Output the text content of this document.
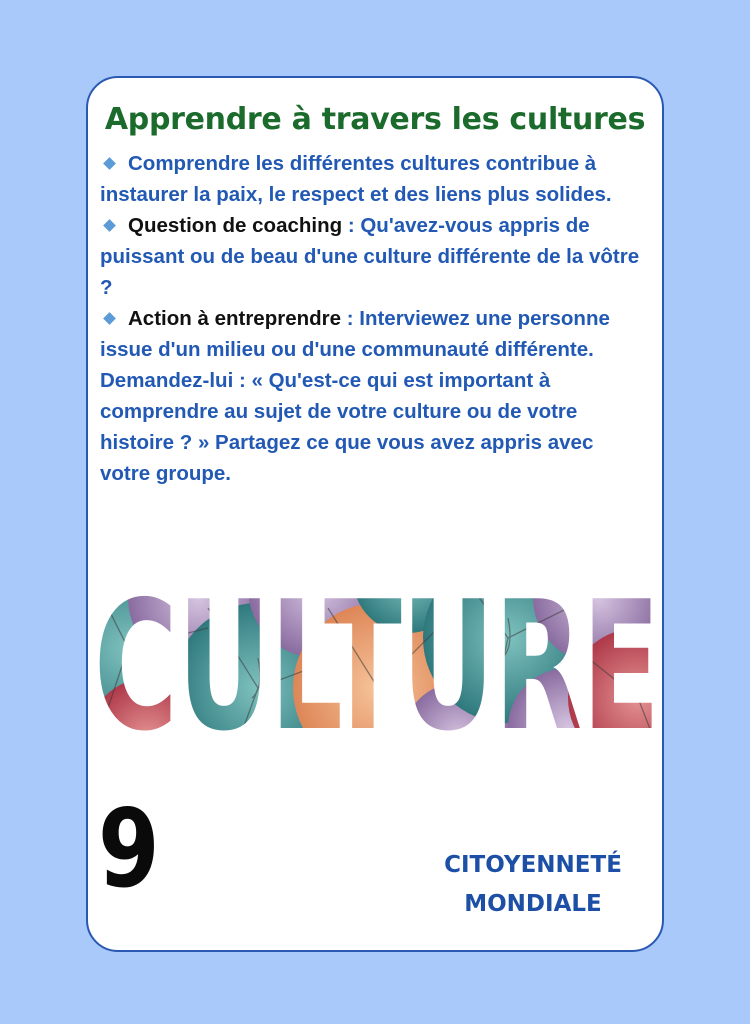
Apprendre à travers les cultures

Comprendre les différentes cultures contribue à instaurer la paix, le respect et des liens plus solides.

Question de coaching : Qu'avez-vous appris de puissant ou de beau d'une culture différente de la vôtre ?

Action à entreprendre : Interviewez une personne issue d'un milieu ou d'une communauté différente. Demandez-lui : « Qu'est-ce qui est important à comprendre au sujet de votre culture ou de votre histoire ? » Partagez ce que vous avez appris avec votre groupe.

9	CITOYENNETÉ
MONDIALE
